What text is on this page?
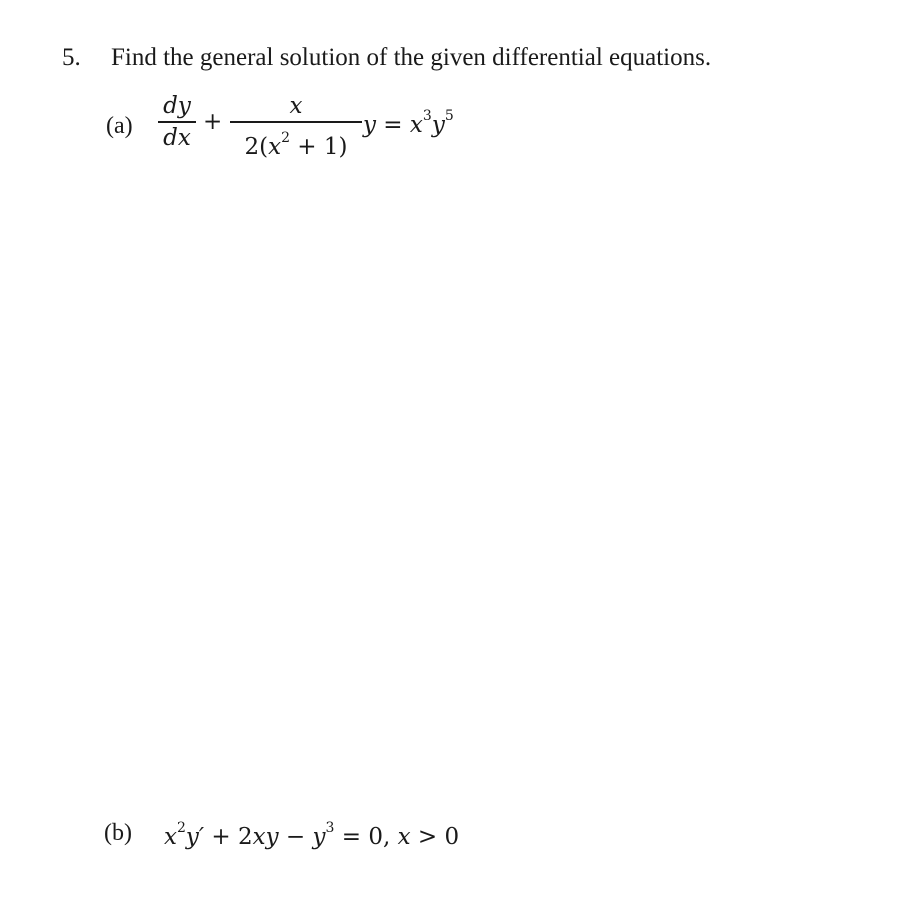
5. Find the general solution of the given differential equations.
(a)
dy
dx
+
x
$2(x^2 + 1)$
$y = x^3y^5$
(b) $x^2y' + 2xy - y^3 = 0$, x > 0
